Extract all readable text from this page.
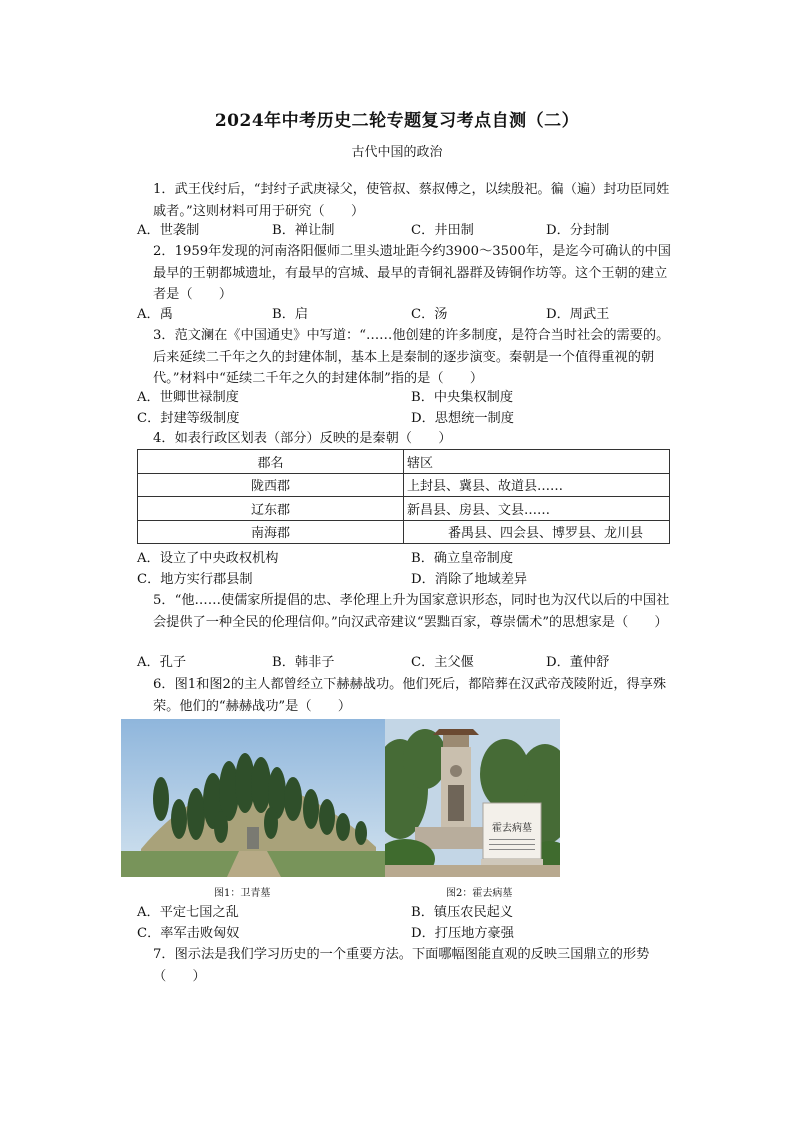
2024年中考历史二轮专题复习考点自测（二）
古代中国的政治
1．武王伐纣后，“封纣子武庚禄父，使管叔、蔡叔傅之，以续殷祀。徧（遍）封功臣同姓戚者。”这则材料可用于研究（　　）
A．世袭制	B．禅让制	C．井田制	D．分封制
2．1959年发现的河南洛阳偃师二里头遗址距今约3900～3500年，是迄今可确认的中国最早的王朝都城遗址，有最早的宫城、最早的青铜礼器群及铸铜作坊等。这个王朝的建立者是（　　）
A．禹	B．启	C．汤	D．周武王
3．范文澜在《中国通史》中写道：“……他创建的许多制度，是符合当时社会的需要的。后来延续二千年之久的封建体制，基本上是秦制的逐步演变。秦朝是一个值得重视的朝代。”材料中“延续二千年之久的封建体制”指的是（　　）
A．世卿世禄制度	B．中央集权制度
C．封建等级制度	D．思想统一制度
4．如表行政区划表（部分）反映的是秦朝（　　）
郡名	辖区
陇西郡	上封县、冀县、故道县……
辽东郡	新昌县、房县、文县……
南海郡	番禺县、四会县、博罗县、龙川县
A．设立了中央政权机构	B．确立皇帝制度
C．地方实行郡县制	D．消除了地域差异
5．“他……使儒家所提倡的忠、孝伦理上升为国家意识形态，同时也为汉代以后的中国社会提供了一种全民的伦理信仰。”向汉武帝建议“罢黜百家，尊崇儒术”的思想家是（　　）
A．孔子	B．韩非子	C．主父偃	D．董仲舒
6．图1和图2的主人都曾经立下赫赫战功。他们死后，都陪葬在汉武帝茂陵附近，得享殊荣。他们的“赫赫战功”是（　　）
霍去病墓
图1：卫青墓	图2：霍去病墓
A．平定七国之乱	B．镇压农民起义
C．率军击败匈奴	D．打压地方豪强
7．图示法是我们学习历史的一个重要方法。下面哪幅图能直观的反映三国鼎立的形势（　　）
